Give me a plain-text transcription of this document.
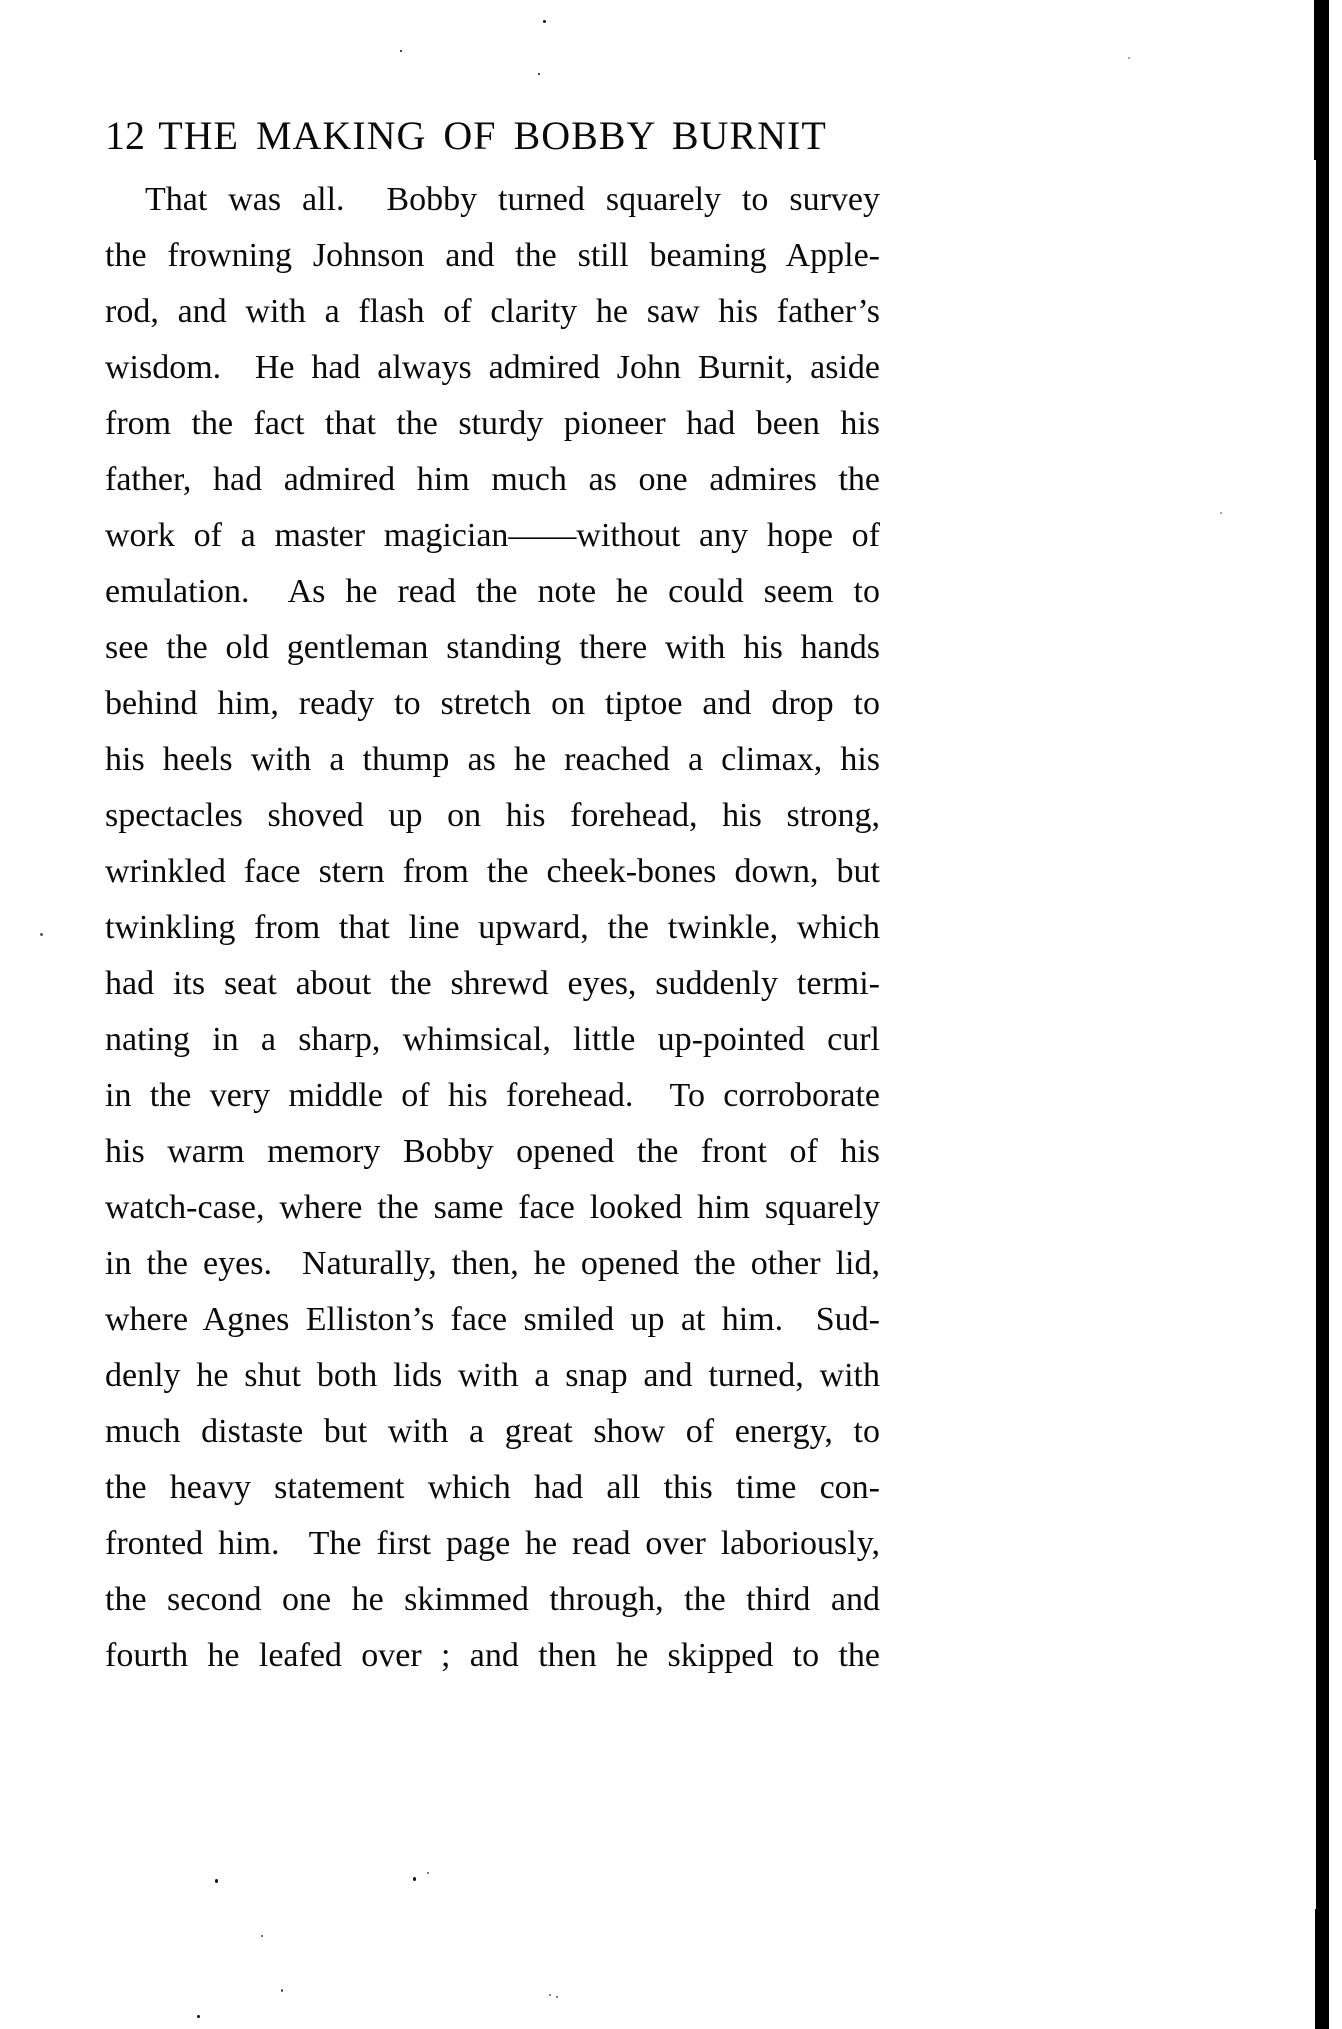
12 THE MAKING OF BOBBY BURNIT
That was all.  Bobby turned squarely to survey
the frowning Johnson and the still beaming Apple-
rod, and with a flash of clarity he saw his father’s
wisdom.  He had always admired John Burnit, aside
from the fact that the sturdy pioneer had been his
father, had admired him much as one admires the
work of a master magician——without any hope of
emulation.  As he read the note he could seem to
see the old gentleman standing there with his hands
behind him, ready to stretch on tiptoe and drop to
his heels with a thump as he reached a climax, his
spectacles shoved up on his forehead, his strong,
wrinkled face stern from the cheek-bones down, but
twinkling from that line upward, the twinkle, which
had its seat about the shrewd eyes, suddenly termi-
nating in a sharp, whimsical, little up-pointed curl
in the very middle of his forehead.  To corroborate
his warm memory Bobby opened the front of his
watch-case, where the same face looked him squarely
in the eyes.  Naturally, then, he opened the other lid,
where Agnes Elliston’s face smiled up at him.  Sud-
denly he shut both lids with a snap and turned, with
much distaste but with a great show of energy, to
the heavy statement which had all this time con-
fronted him.  The first page he read over laboriously,
the second one he skimmed through, the third and
fourth he leafed over ; and then he skipped to the
